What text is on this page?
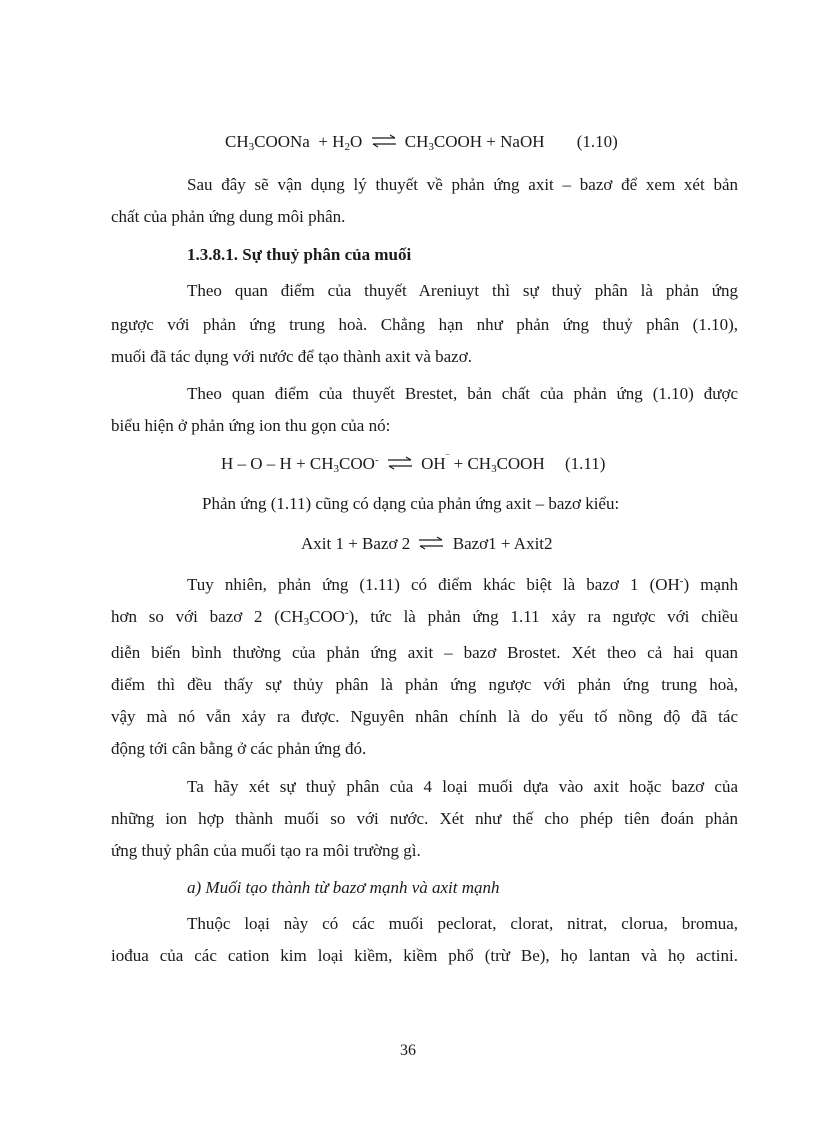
$CH_3COONa + H_2O$ ⇌ $CH_3COOH$ + NaOH (1.10)
Sau đây sẽ vận dụng lý thuyết về phản ứng axit – bazơ để xem xét bản
chất của phản ứng dung môi phân.
1.3.8.1. Sự thuỷ phân của muối
Theo quan điểm của thuyết Areniuyt thì sự thuỷ phân là phản ứng
ngược với phản ứng trung hoà. Chẳng hạn như phản ứng thuỷ phân (1.10),
muối đã tác dụng với nước để tạo thành axit và bazơ.
Theo quan điểm của thuyết Brestet, bản chất của phản ứng (1.10) được
biểu hiện ở phản ứng ion thu gọn của nó:
$H - O - H + CH_3COO^-$ ⇌ $OH^‾ + CH_3COOH$ (1.11)
Phản ứng (1.11) cũng có dạng của phản ứng axit – bazơ kiểu:
Axit 1 + Bazơ 2 ⇌ Bazơ1 + Axit2
Tuy nhiên, phản ứng (1.11) có điểm khác biệt là bazơ 1 (OH-) mạnh
hơn so với bazơ 2 $(CH_3COO^-)$, tức là phản ứng 1.11 xảy ra ngược với chiều
diễn biến bình thường của phản ứng axit – bazơ Brostet. Xét theo cả hai quan
điểm thì đều thấy sự thủy phân là phản ứng ngược với phản ứng trung hoà,
vậy mà nó vẫn xảy ra được. Nguyên nhân chính là do yếu tố nồng độ đã tác
động tới cân bằng ở các phản ứng đó.
Ta hãy xét sự thuỷ phân của 4 loại muối dựa vào axit hoặc bazơ của
những ion hợp thành muối so với nước. Xét như thế cho phép tiên đoán phản
ứng thuỷ phân của muối tạo ra môi trường gì.
a) Muối tạo thành từ bazơ mạnh và axit mạnh
Thuộc loại này có các muối peclorat, clorat, nitrat, clorua, bromua,
iođua của các cation kim loại kiềm, kiềm phổ (trừ Be), họ lantan và họ actini.
36
